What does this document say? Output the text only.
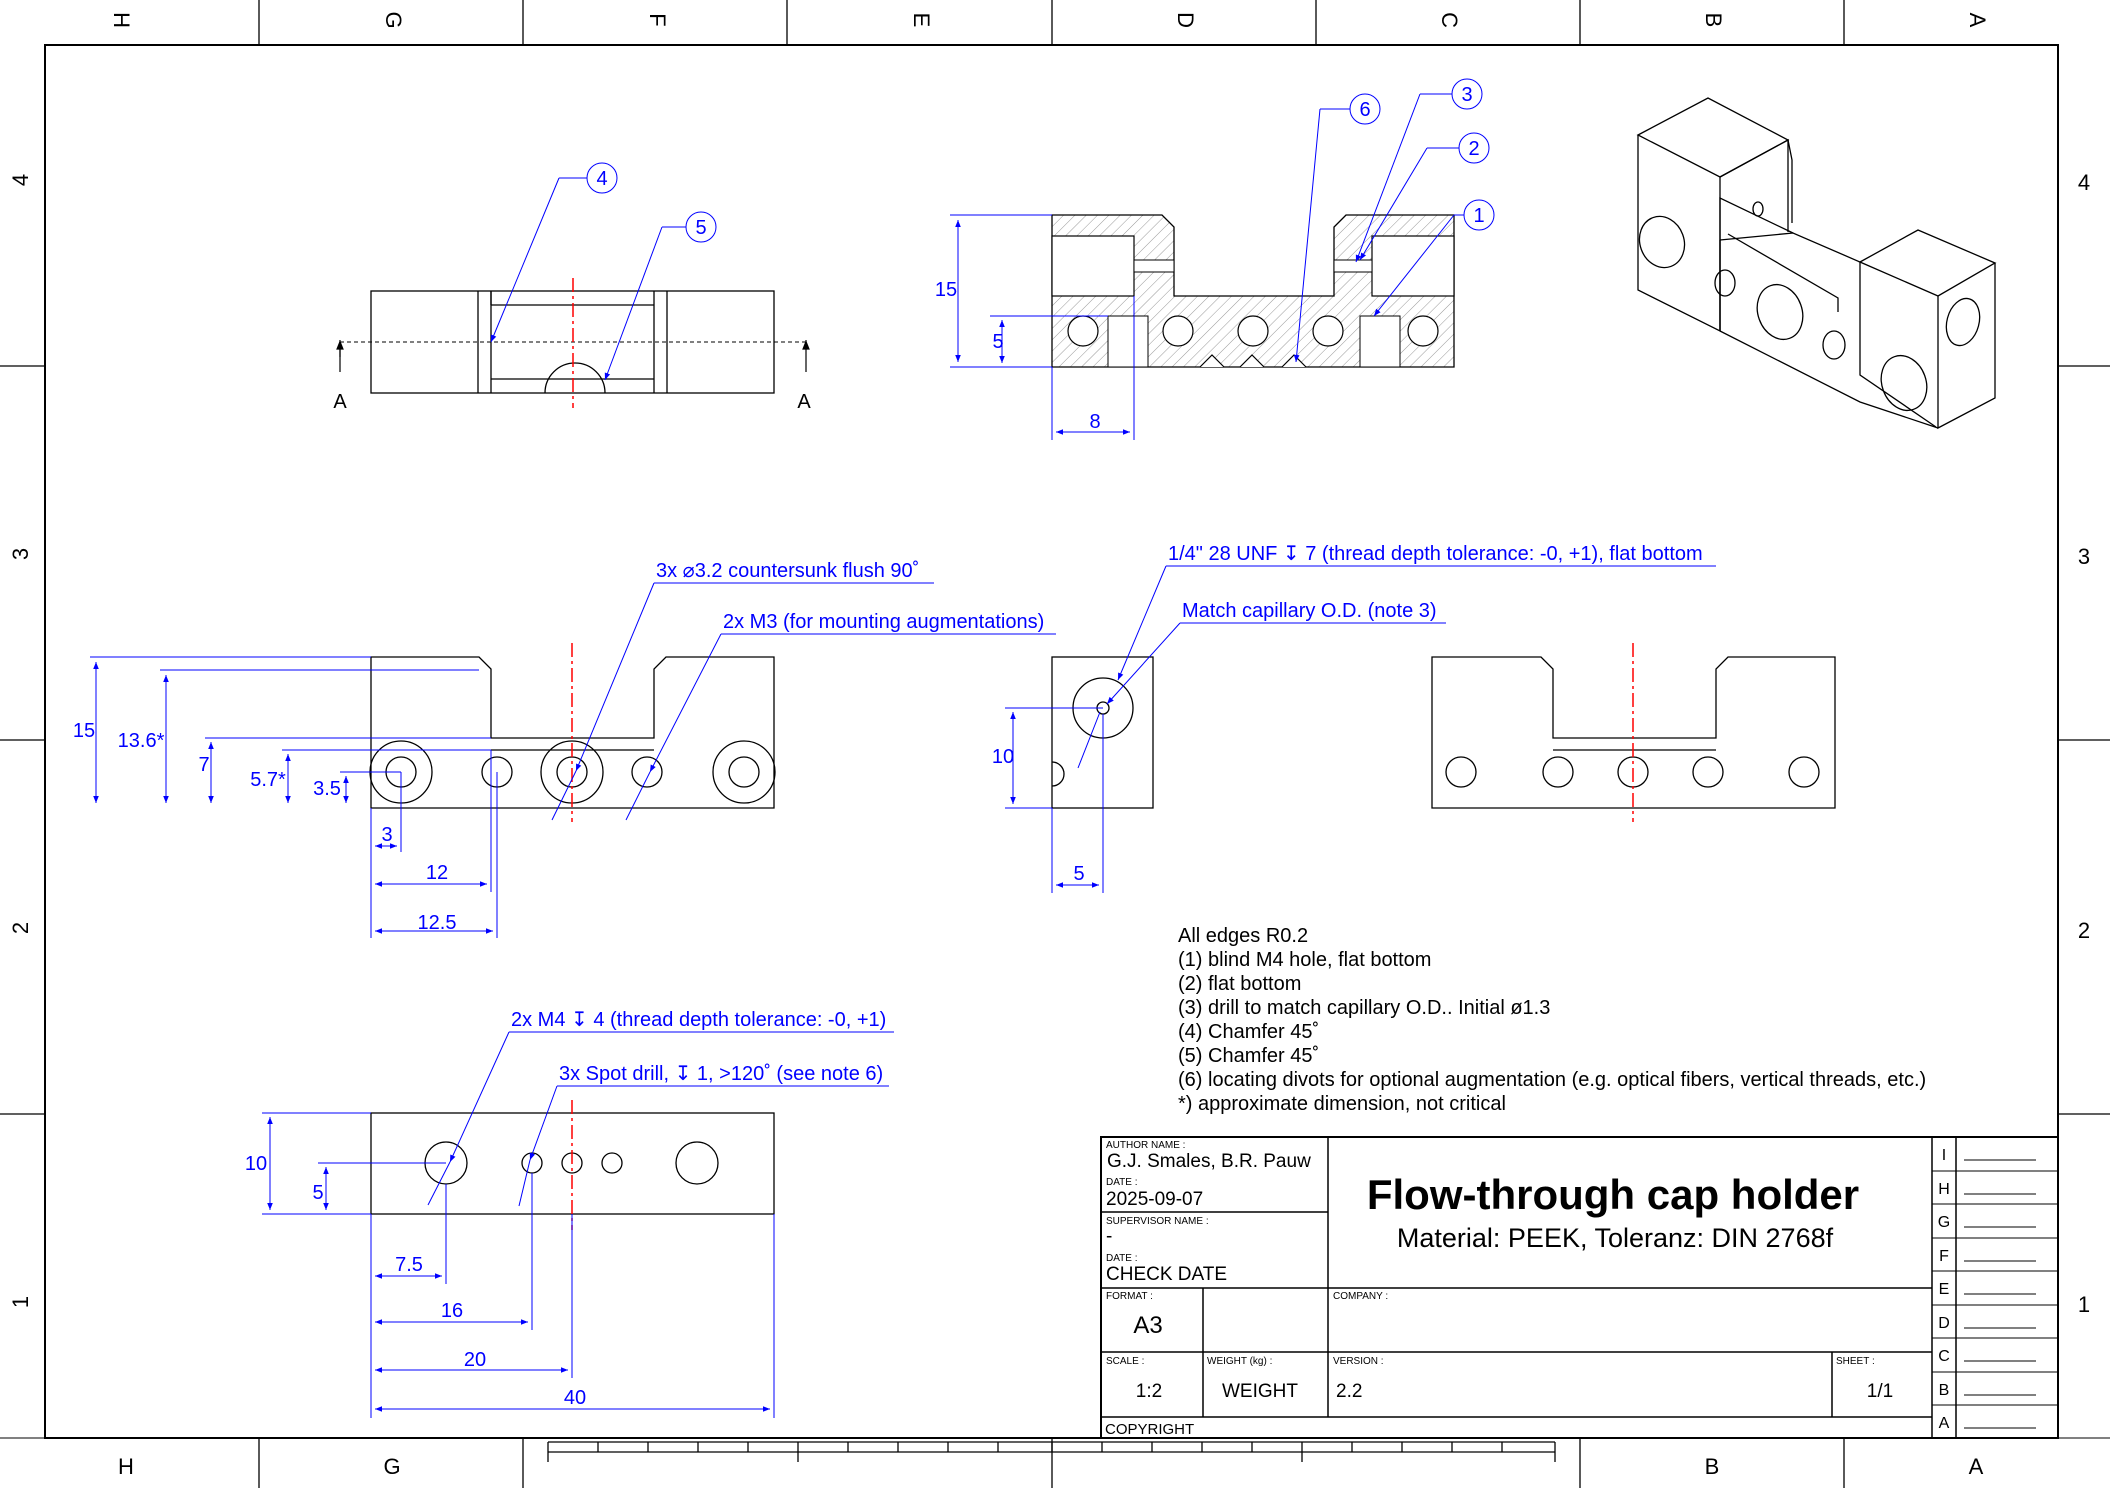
H	G	F	E	D	C	B	A
H	G	B	A
4
3
2
1
4
3
2
1
A	A
4
5
15
5
8
1
2
3
6
15 13.6*
7
5.7* 3.5
3
12
12.5
3x ⌀3.2 countersunk flush 90˚
2x M3 (for mounting augmentations)
10
5
1/4" 28 UNF ↧ 7 (thread depth tolerance: -0, +1), flat bottom
Match capillary O.D. (note 3)
10
5
7.5
16
20
40
2x M4 ↧ 4 (thread depth tolerance: -0, +1)
3x Spot drill, ↧ 1, >120˚ (see note 6)
All edges R0.2
(1) blind M4 hole, flat bottom
(2) flat bottom
(3) drill to match capillary O.D.. Initial ø1.3
(4) Chamfer 45˚
(5) Chamfer 45˚
(6) locating divots for optional augmentation (e.g. optical fibers, vertical threads, etc.)
*) approximate dimension, not critical
I
H
G
F
E
D
C
B
A
AUTHOR NAME :
G.J. Smales, B.R. Pauw
DATE :
2025-09-07
SUPERVISOR NAME :
-
DATE :
CHECK DATE
Flow-through cap holder
Material: PEEK, Toleranz: DIN 2768f
FORMAT :
A3
COMPANY :
SCALE :
1:2
WEIGHT (kg) :
WEIGHT
VERSION :
2.2
SHEET :
1/1
COPYRIGHT
